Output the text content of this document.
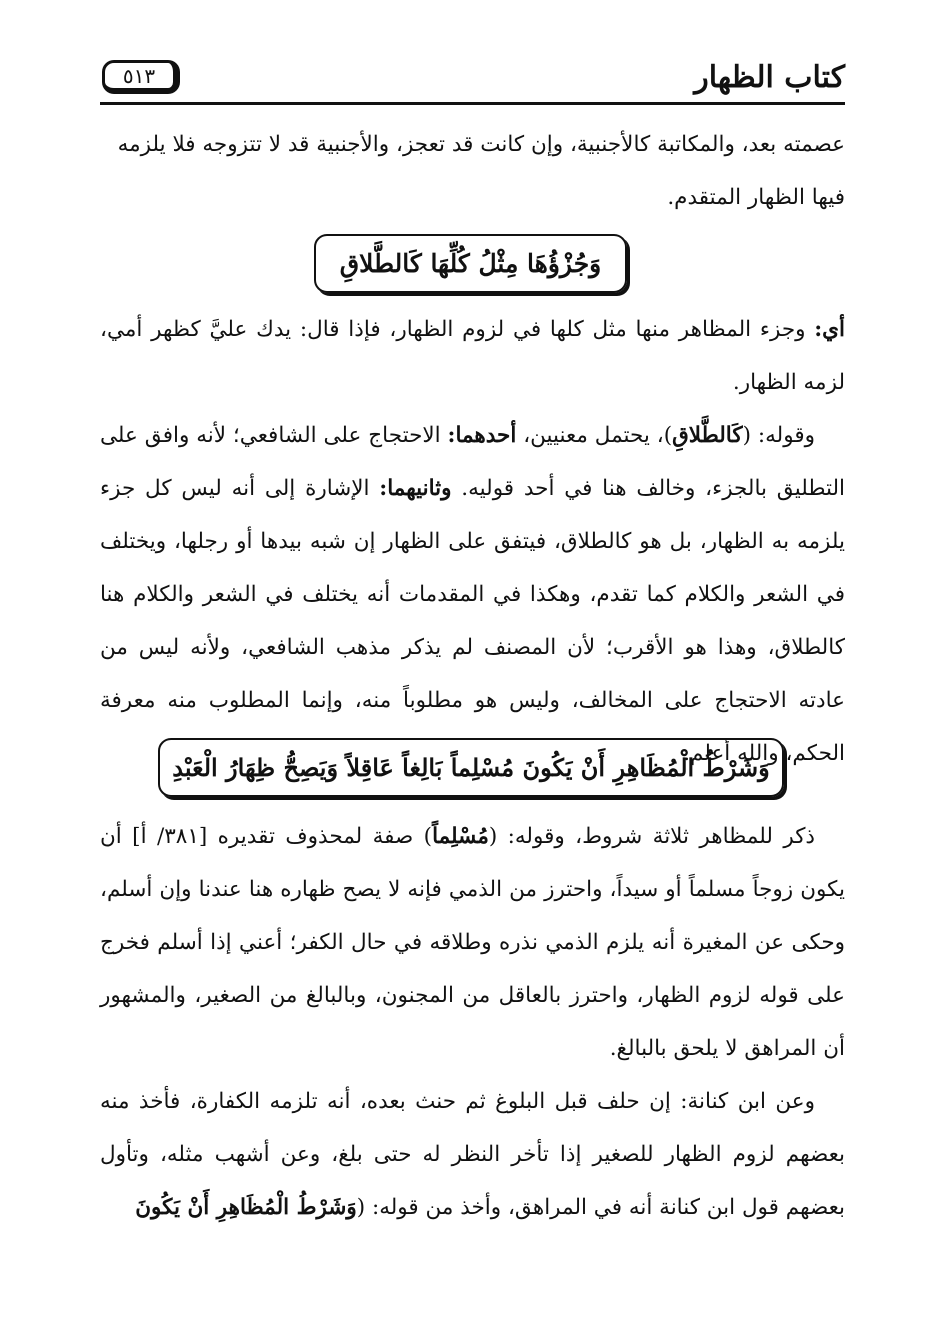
كتاب الظهار
٥١٣

عصمته بعد، والمكاتبة كالأجنبية، وإن كانت قد تعجز، والأجنبية قد لا تتزوجه فلا يلزمه

فيها الظهار المتقدم.

وَجُزْؤُهَا مِثْلُ كُلِّهَا كَالطَّلاقِ

أي: وجزء المظاهر منها مثل كلها في لزوم الظهار، فإذا قال: يدك عليَّ كظهر أمي، لزمه الظهار.

وقوله: (كَالطَّلاقِ)، يحتمل معنيين، أحدهما: الاحتجاج على الشافعي؛ لأنه وافق على التطليق بالجزء، وخالف هنا في أحد قوليه. وثانيهما: الإشارة إلى أنه ليس كل جزء يلزمه به الظهار، بل هو كالطلاق، فيتفق على الظهار إن شبه بيدها أو رجلها، ويختلف في الشعر والكلام كما تقدم، وهكذا في المقدمات أنه يختلف في الشعر والكلام هنا كالطلاق، وهذا هو الأقرب؛ لأن المصنف لم يذكر مذهب الشافعي، ولأنه ليس من عادته الاحتجاج على المخالف، وليس هو مطلوباً منه، وإنما المطلوب منه معرفة الحكم، والله أعلم.

وَشَرْطُ الْمُظَاهِرِ أَنْ يَكُونَ مُسْلِماً بَالِغاً عَاقِلاً وَيَصِحُّ ظِهَارُ الْعَبْدِ

ذكر للمظاهر ثلاثة شروط، وقوله: (مُسْلِماً) صفة لمحذوف تقديره [٣٨١/ أ] أن يكون زوجاً مسلماً أو سيداً، واحترز من الذمي فإنه لا يصح ظهاره هنا عندنا وإن أسلم، وحكى عن المغيرة أنه يلزم الذمي نذره وطلاقه في حال الكفر؛ أعني إذا أسلم فخرج على قوله لزوم الظهار، واحترز بالعاقل من المجنون، وبالبالغ من الصغير، والمشهور أن المراهق لا يلحق بالبالغ.

وعن ابن كنانة: إن حلف قبل البلوغ ثم حنث بعده، أنه تلزمه الكفارة، فأخذ منه بعضهم لزوم الظهار للصغير إذا تأخر النظر له حتى بلغ، وعن أشهب مثله، وتأول بعضهم قول ابن كنانة أنه في المراهق، وأخذ من قوله: (وَشَرْطُ الْمُظَاهِرِ أَنْ يَكُونَ
